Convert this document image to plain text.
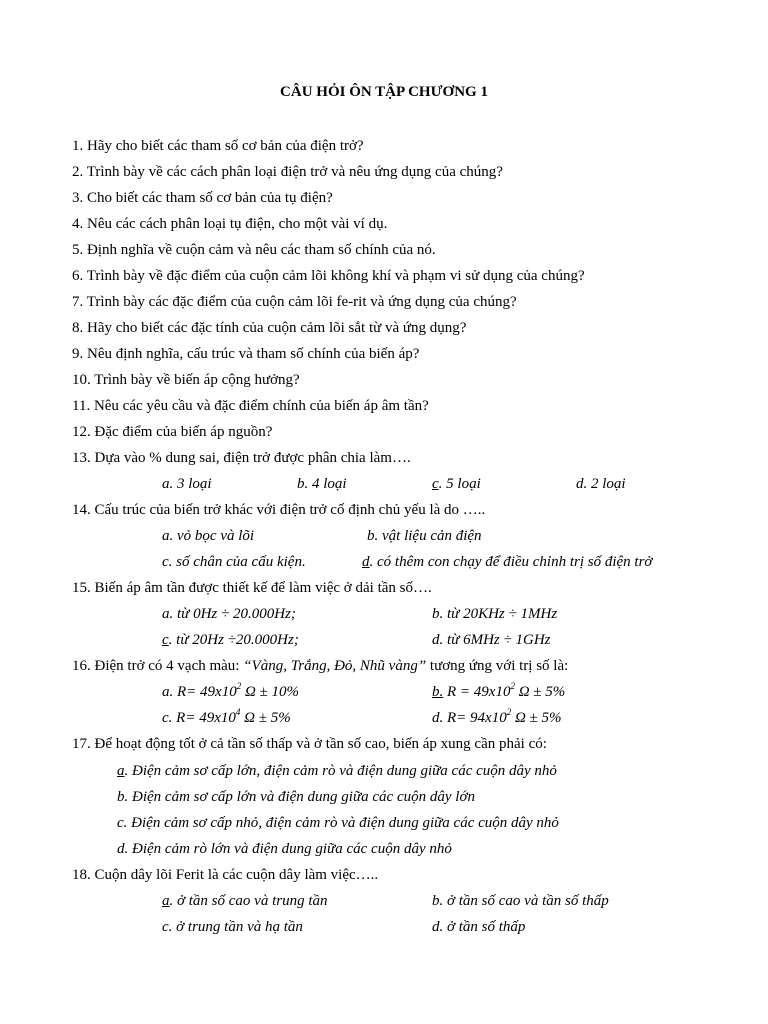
CÂU HỎI ÔN TẬP CHƯƠNG 1
1. Hãy cho biết các tham số cơ bản của điện trở?
2. Trình bày về các cách phân loại điện trở và nêu ứng dụng của chúng?
3. Cho biết các tham số cơ bản của tụ điện?
4. Nêu các cách phân loại tụ điện, cho một vài ví dụ.
5. Định nghĩa về cuộn cảm và nêu các tham số chính của nó.
6. Trình bày về đặc điểm của cuộn cảm lõi không khí và phạm vi sử dụng của chúng?
7. Trình bày các đặc điểm của cuộn cảm lõi fe-rit và ứng dụng của chúng?
8. Hãy cho biết các đặc tính của cuộn cảm lõi sắt từ và ứng dụng?
9. Nêu định nghĩa, cấu trúc và tham số chính của biến áp?
10. Trình bày về biến áp cộng hưởng?
11. Nêu các yêu cầu và đặc điểm chính của biến áp âm tần?
12. Đặc điểm của biến áp nguồn?
13. Dựa vào % dung sai, điện trở được phân chia làm….
a. 3 loại	b. 4 loại	c. 5 loại	d. 2 loại
14. Cấu trúc của biến trở khác với điện trở cố định chủ yếu là do …..
a. vỏ bọc và lõi	b. vật liệu cản điện
c. số chân của cấu kiện.	d. có thêm con chạy để điều chỉnh trị số điện trở
15. Biến áp âm tần được thiết kế để làm việc ở dải tần số….
a. từ 0Hz ÷ 20.000Hz;	b. từ 20KHz ÷ 1MHz
c. từ 20Hz ÷20.000Hz;	d. từ 6MHz ÷ 1GHz
16. Điện trở có 4 vạch màu: “Vàng, Trắng, Đỏ, Nhũ vàng” tương ứng với trị số là:
a. $R= 49x10^2$ Ω ± 10%	b. $R = 49x10^2$ Ω ± 5%
c. $R= 49x10^4$ Ω ± 5%	d. $R= 94x10^2$ Ω ± 5%
17. Để hoạt động tốt ở cả tần số thấp và ở tần số cao, biến áp xung cần phải có:
a. Điện cảm sơ cấp lớn, điện cảm rò và điện dung giữa các cuộn dây nhỏ
b. Điện cảm sơ cấp lớn và điện dung giữa các cuộn dây lớn
c. Điện cảm sơ cấp nhỏ, điện cảm rò và điện dung giữa các cuộn dây nhỏ
d. Điện cảm rò lớn và điện dung giữa các cuộn dây nhỏ
18. Cuộn dây lõi Ferit là các cuộn dây làm việc…..
a. ở tần số cao và trung tần	b. ở tần số cao và tần số thấp
c. ở trung tần và hạ tần	d. ở tần số thấp
